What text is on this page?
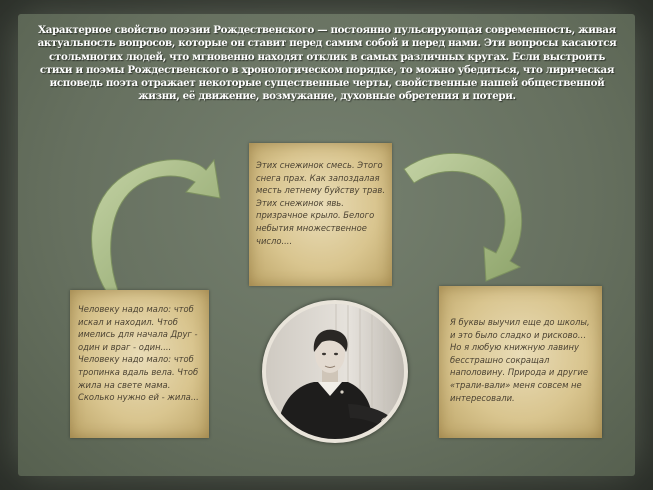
Характерное свойство поэзии Рождественского — постоянно пульсирующая современность, живая актуальность вопросов, которые он ставит перед самим собой и перед нами. Эти вопросы касаются стольмногих людей, что мгновенно находят отклик в самых различных кругах. Если выстроить стихи и поэмы Рождественского в хронологическом порядке, то можно убедиться, что лирическая исповедь поэта отражает некоторые существенные черты, свойственные нашей общественной жизни, её движение, возмужание, духовные обретения и потери.

Этих снежинок смесь. Этого снега прах. Как запоздалая месть летнему буйству трав. Этих снежинок явь. призрачное крыло. Белого небытия множественное число....

Человеку надо мало: чтоб искал и находил. Чтоб имелись для начала Друг - один и враг - один.... Человеку надо мало: чтоб тропинка вдаль вела. Чтоб жила на свете мама. Сколько нужно ей - жила...

Я буквы выучил еще до школы, и это было сладко и рисково… Но я любую книжную лавину бесстрашно сокращал наполовину. Природа и другие «трали-вали» меня совсем не интересовали.
